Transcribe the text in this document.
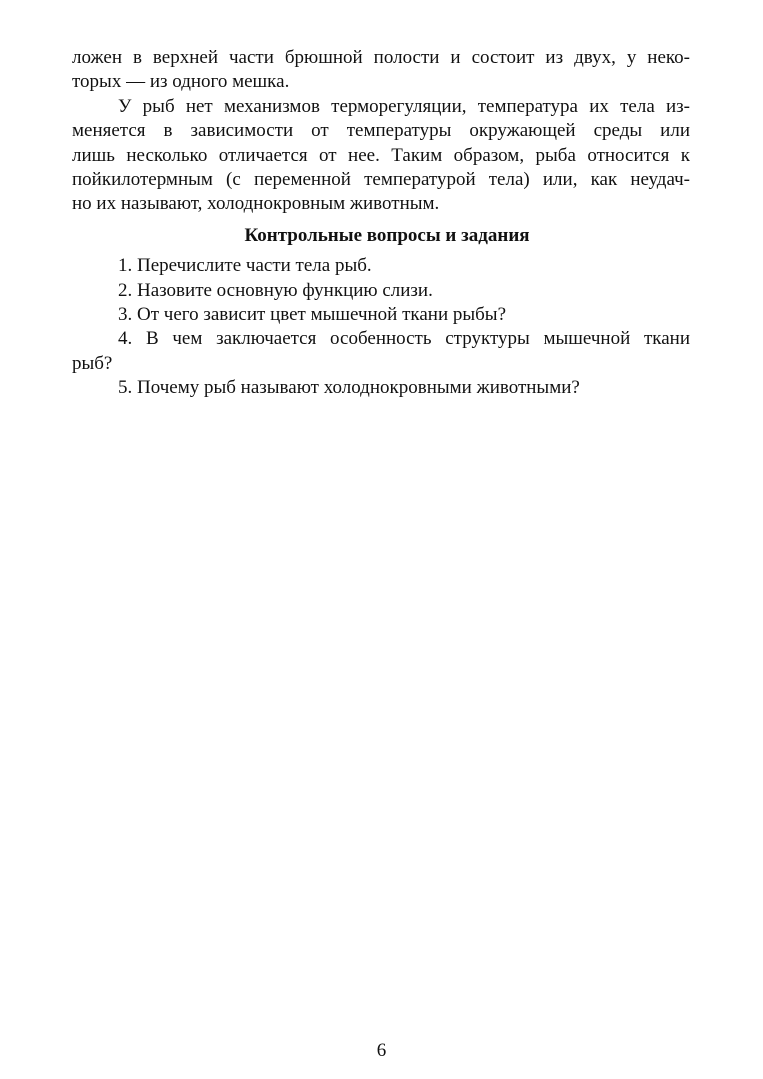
ложен в верхней части брюшной полости и состоит из двух, у неко-
торых — из одного мешка.
У рыб нет механизмов терморегуляции, температура их тела из-
меняется в зависимости от температуры окружающей среды или
лишь несколько отличается от нее. Таким образом, рыба относится к
пойкилотермным (с переменной температурой тела) или, как неудач-
но их называют, холоднокровным животным.
Контрольные вопросы и задания
1. Перечислите части тела рыб.
2. Назовите основную функцию слизи.
3. От чего зависит цвет мышечной ткани рыбы?
4. В чем заключается особенность структуры мышечной ткани
рыб?
5. Почему рыб называют холоднокровными животными?
6
